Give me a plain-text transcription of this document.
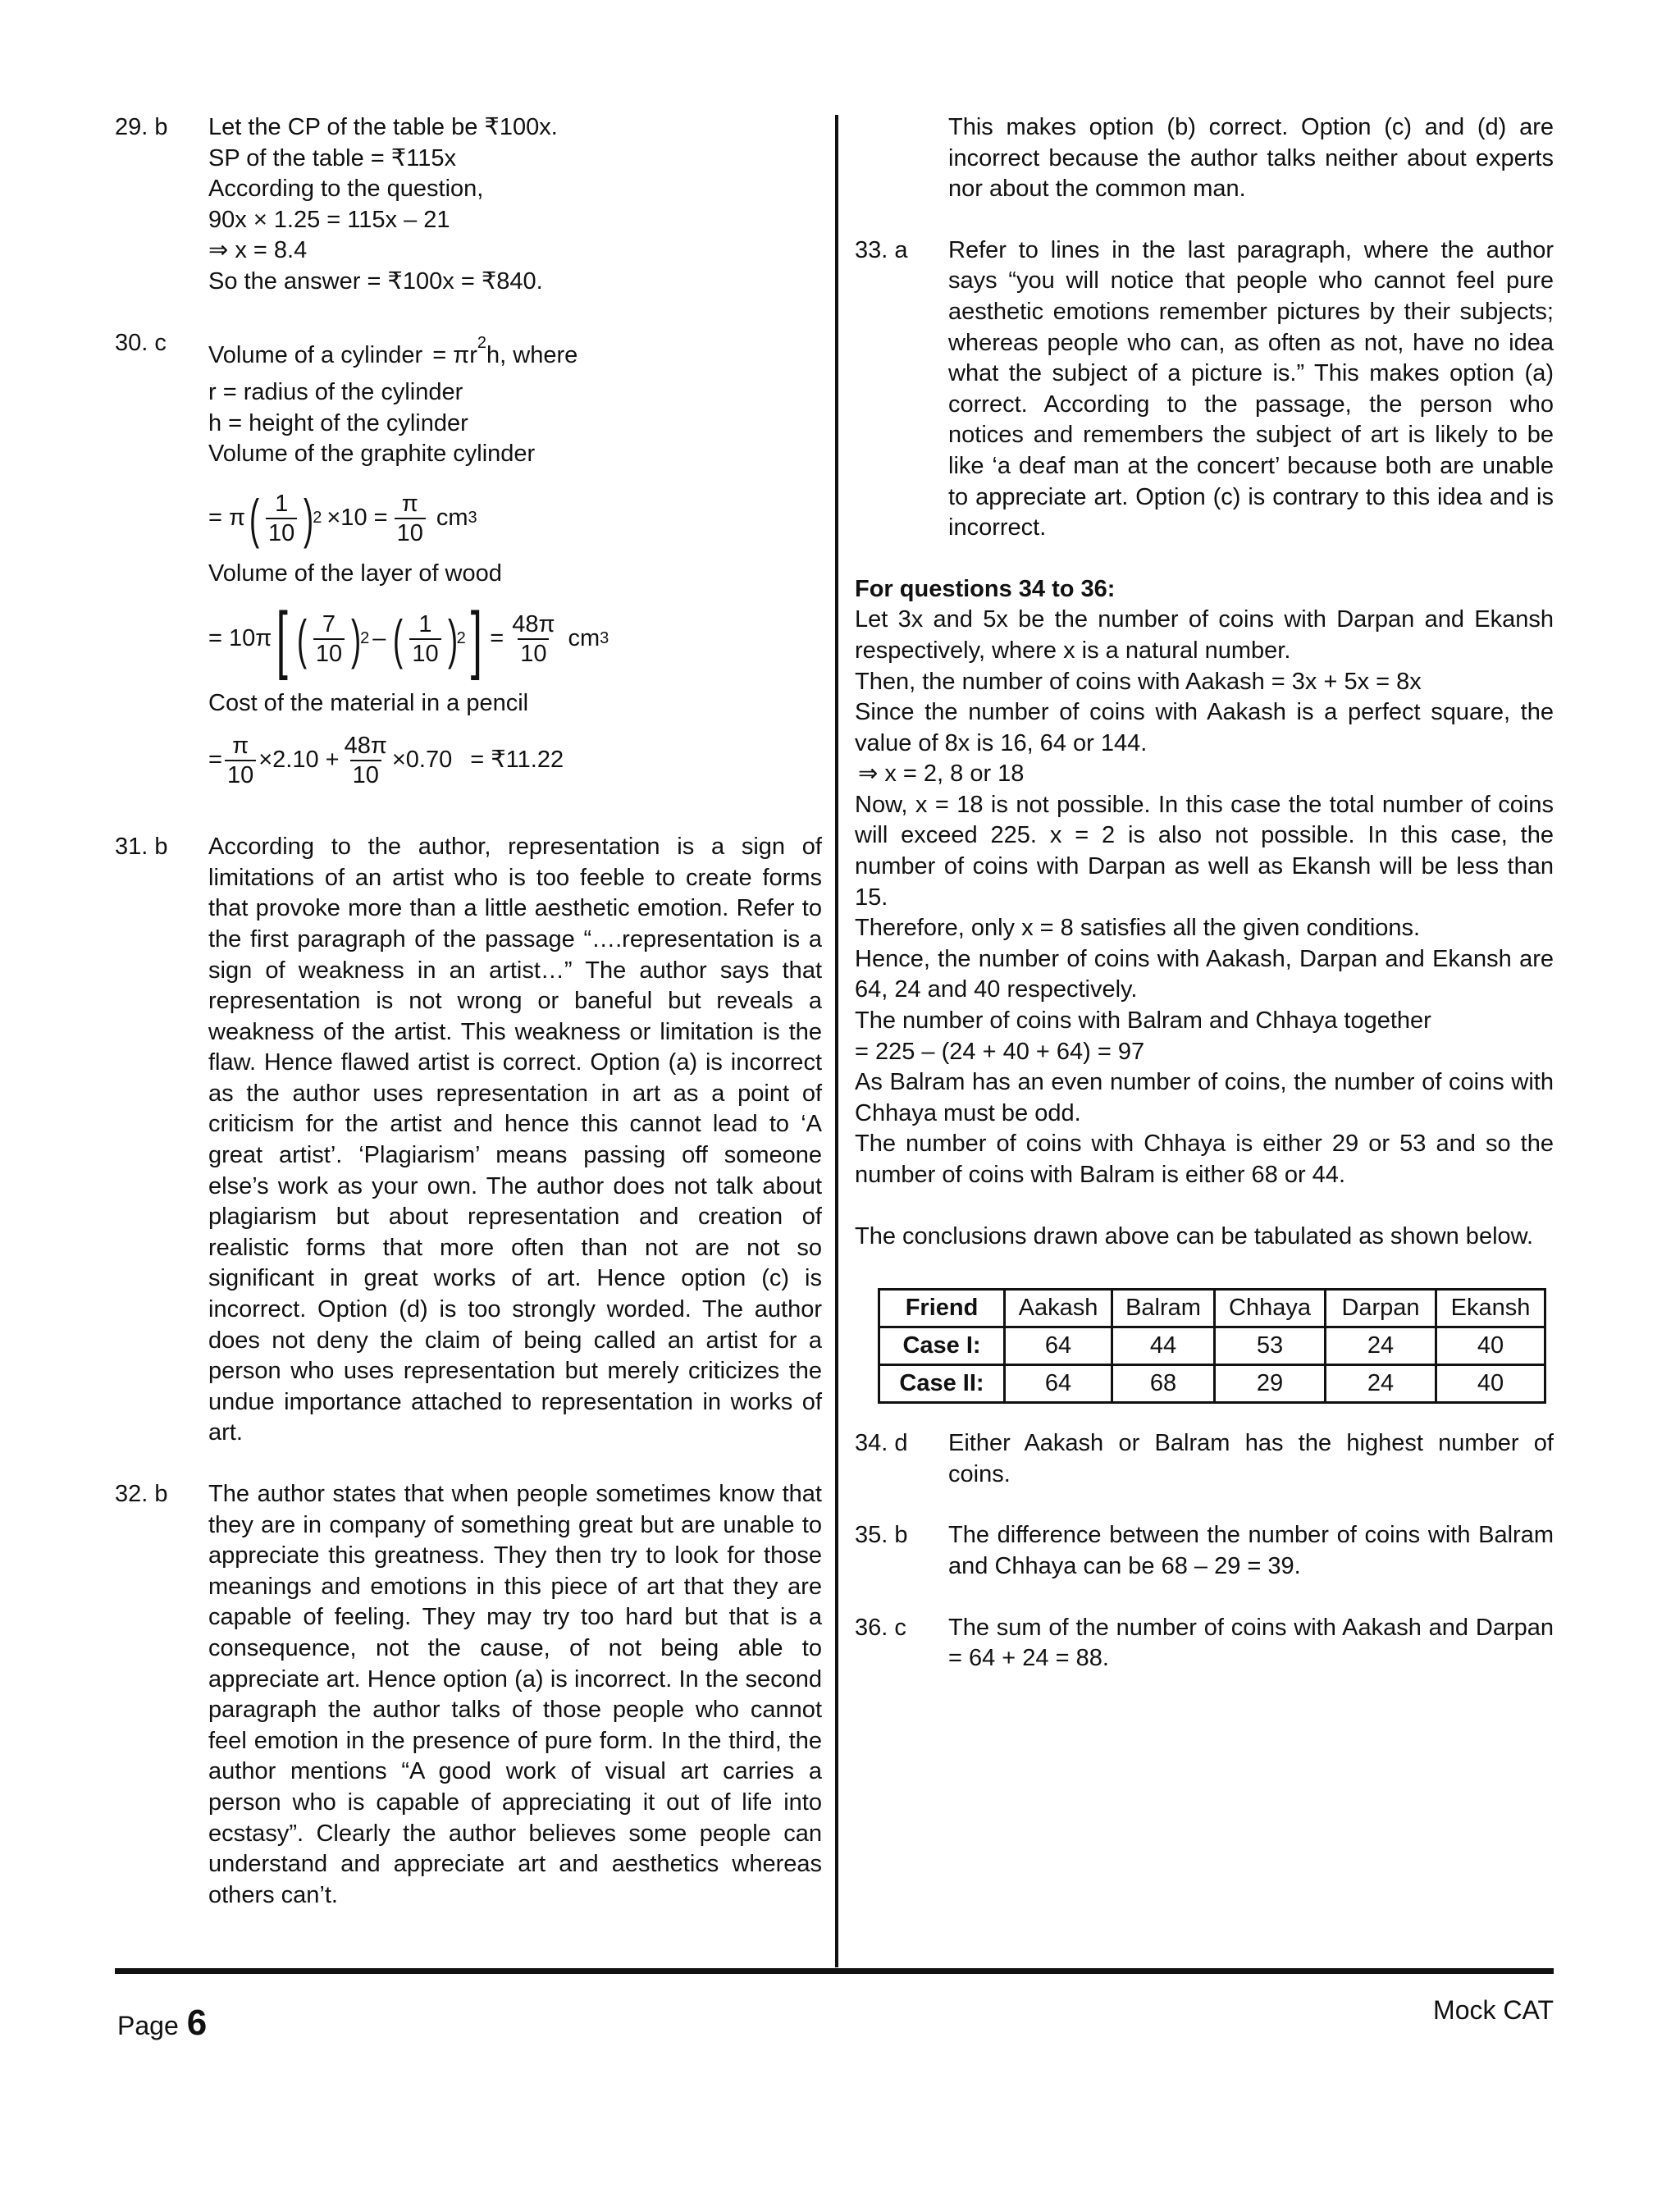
29. b	Let the CP of the table be ₹100x.
SP of the table = ₹115x
According to the question,
90x × 1.25 = 115x – 21
⇒ x = 8.4
So the answer = ₹100x = ₹840.
30. c	Volume of a cylinder = $\pi r^2h$, where
r = radius of the cylinder
h = height of the cylinder
Volume of the graphite cylinder
= π ( $\frac{1}{10}$ )
$2 \times 10 = \frac{\pi}{10}$ cm 3
Volume of the layer of wood
= 10π [ ( $\frac{7}{10}$ )
2 – ( $\frac{1}{10}$ )
2 ] = $\frac{48\pi}{10}$ cm 3
Cost of the material in a pencil
= $\frac{\pi}{10} \times 2.10 + \frac{48\pi}{10} \times 0.70$ = ₹11.22
31. b	According to the author, representation is a sign of limitations of an artist who is too feeble to create forms that provoke more than a little aesthetic emotion. Refer to the first paragraph of the passage “….representation is a sign of weakness in an artist…” The author says that representation is not wrong or baneful but reveals a weakness of the artist. This weakness or limitation is the flaw. Hence flawed artist is correct. Option (a) is incorrect as the author uses representation in art as a point of criticism for the artist and hence this cannot lead to ‘A great artist’. ‘Plagiarism’ means passing off someone else’s work as your own. The author does not talk about plagiarism but about representation and creation of realistic forms that more often than not are not so significant in great works of art. Hence option (c) is incorrect. Option (d) is too strongly worded. The author does not deny the claim of being called an artist for a person who uses representation but merely criticizes the undue importance attached to representation in works of art.
32. b	The author states that when people sometimes know that they are in company of something great but are unable to appreciate this greatness. They then try to look for those meanings and emotions in this piece of art that they are capable of feeling. They may try too hard but that is a consequence, not the cause, of not being able to appreciate art. Hence option (a) is incorrect. In the second paragraph the author talks of those people who cannot feel emotion in the presence of pure form. In the third, the author mentions “A good work of visual art carries a person who is capable of appreciating it out of life into ecstasy”. Clearly the author believes some people can understand and appreciate art and aesthetics whereas others can’t.
This makes option (b) correct. Option (c) and (d) are incorrect because the author talks neither about experts nor about the common man.
33. a	Refer to lines in the last paragraph, where the author says “you will notice that people who cannot feel pure aesthetic emotions remember pictures by their subjects; whereas people who can, as often as not, have no idea what the subject of a picture is.” This makes option (a) correct. According to the passage, the person who notices and remembers the subject of art is likely to be like ‘a deaf man at the concert’ because both are unable to appreciate art. Option (c) is contrary to this idea and is incorrect.
For questions 34 to 36:
Let 3x and 5x be the number of coins with Darpan and Ekansh respectively, where x is a natural number.
Then, the number of coins with Aakash = 3x + 5x = 8x
Since the number of coins with Aakash is a perfect square, the value of 8x is 16, 64 or 144.
⇒ x = 2, 8 or 18
Now, x = 18 is not possible. In this case the total number of coins will exceed 225. x = 2 is also not possible. In this case, the number of coins with Darpan as well as Ekansh will be less than 15.
Therefore, only x = 8 satisfies all the given conditions.
Hence, the number of coins with Aakash, Darpan and Ekansh are 64, 24 and 40 respectively.
The number of coins with Balram and Chhaya together
= 225 – (24 + 40 + 64) = 97
As Balram has an even number of coins, the number of coins with Chhaya must be odd.
The number of coins with Chhaya is either 29 or 53 and so the number of coins with Balram is either 68 or 44.
The conclusions drawn above can be tabulated as shown below.
Friend	Aakash	Balram	Chhaya	Darpan	Ekansh
Case I:	64	44	53	24	40
Case II:	64	68	29	24	40
34. d	Either Aakash or Balram has the highest number of coins.
35. b	The difference between the number of coins with Balram and Chhaya can be 68 – 29 = 39.
36. c	The sum of the number of coins with Aakash and Darpan = 64 + 24 = 88.
Page 6	Mock CAT
